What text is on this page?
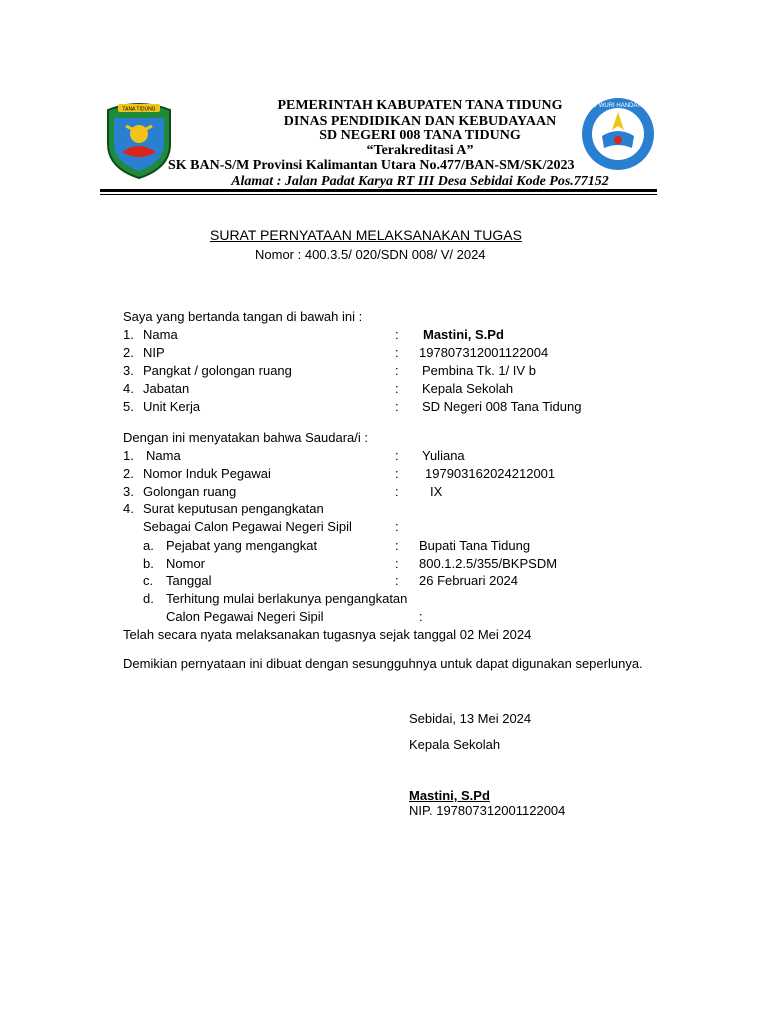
TANA TIDUNG
TUT WURI HANDAYANI
PEMERINTAH KABUPATEN TANA TIDUNG
DINAS PENDIDIKAN DAN KEBUDAYAAN
SD NEGERI 008 TANA TIDUNG
“Terakreditasi A”
SK BAN-S/M Provinsi Kalimantan Utara No.477/BAN-SM/SK/2023
Alamat : Jalan Padat Karya RT III Desa Sebidai Kode Pos.77152
SURAT PERNYATAAN MELAKSANAKAN TUGAS
Nomor : 400.3.5/ 020/SDN 008/ V/ 2024
Saya yang bertanda tangan di bawah ini :
1. Nama	: Mastini, S.Pd
2. NIP	: 197807312001122004
3. Pangkat / golongan ruang	: Pembina Tk. 1/ IV b
4. Jabatan	: Kepala Sekolah
5. Unit Kerja	: SD Negeri 008 Tana Tidung
Dengan ini menyatakan bahwa Saudara/i :
1. Nama	: Yuliana
2. Nomor Induk Pegawai	: 197903162024212001
3. Golongan ruang	: IX
4. Surat keputusan pengangkatan
Sebagai Calon Pegawai Negeri Sipil	:
a. Pejabat yang mengangkat	: Bupati Tana Tidung
b. Nomor	: 800.1.2.5/355/BKPSDM
c. Tanggal	: 26 Februari 2024
d. Terhitung mulai berlakunya pengangkatan
Calon Pegawai Negeri Sipil	:
Telah secara nyata melaksanakan tugasnya sejak tanggal 02 Mei 2024
Demikian pernyataan ini dibuat dengan sesungguhnya untuk dapat digunakan seperlunya.
Sebidai, 13 Mei 2024
Kepala Sekolah
Mastini, S.Pd
NIP. 197807312001122004
